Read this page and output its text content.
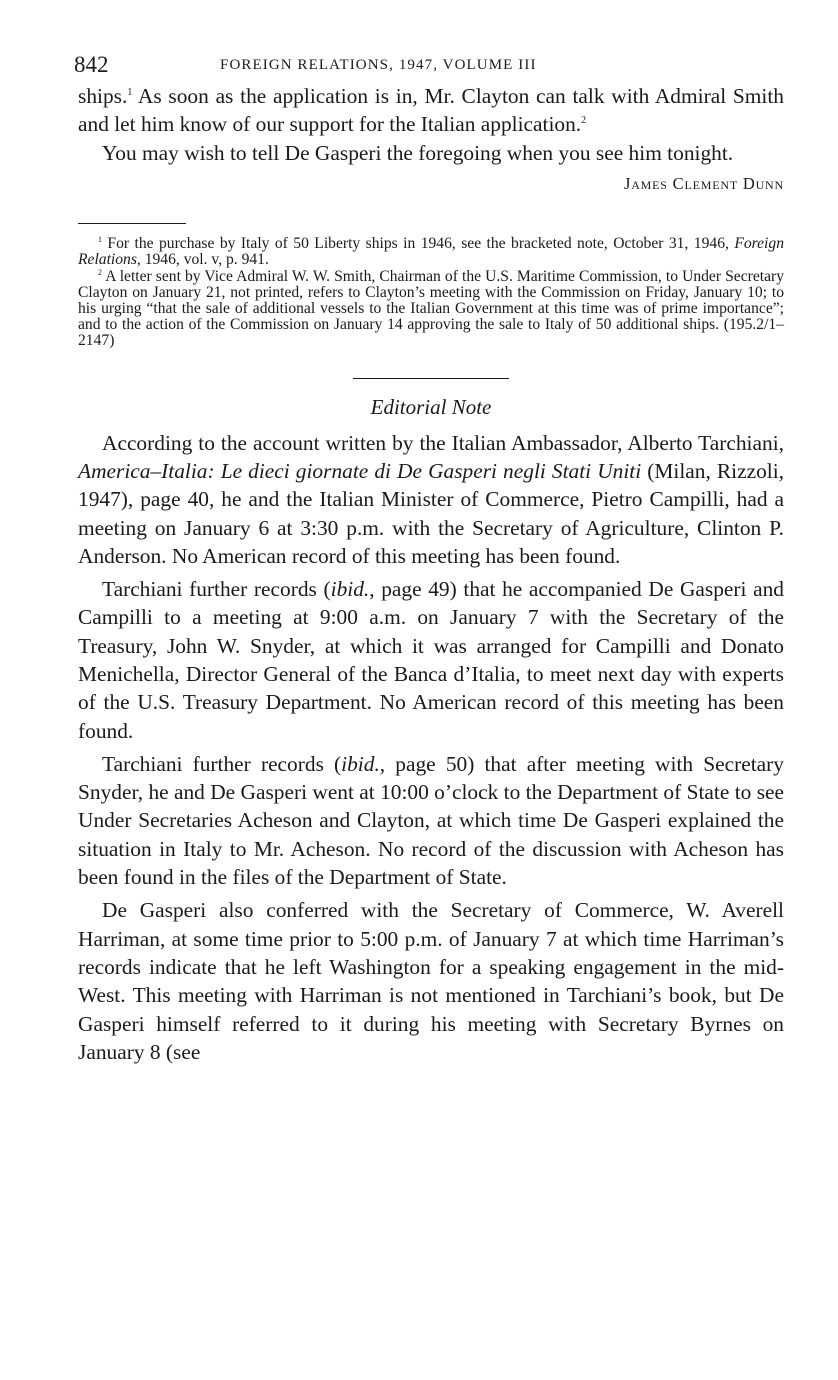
842	FOREIGN RELATIONS, 1947, VOLUME III

ships.$^1$ As soon as the application is in, Mr. Clayton can talk with Admiral Smith and let him know of our support for the Italian application.$^2$

You may wish to tell De Gasperi the foregoing when you see him tonight.

James Clement Dunn

$^1$ For the purchase by Italy of 50 Liberty ships in 1946, see the bracketed note, October 31, 1946, Foreign Relations, 1946, vol. v, p. 941.

$^2$ A letter sent by Vice Admiral W. W. Smith, Chairman of the U.S. Maritime Commission, to Under Secretary Clayton on January 21, not printed, refers to Clayton’s meeting with the Commission on Friday, January 10; to his urging “that the sale of additional vessels to the Italian Government at this time was of prime importance”; and to the action of the Commission on January 14 approving the sale to Italy of 50 additional ships. (195.2/1–2147)

Editorial Note

According to the account written by the Italian Ambassador, Alberto Tarchiani, America–Italia: Le dieci giornate di De Gasperi negli Stati Uniti (Milan, Rizzoli, 1947), page 40, he and the Italian Minister of Commerce, Pietro Campilli, had a meeting on January 6 at 3:30 p.m. with the Secretary of Agriculture, Clinton P. Anderson. No American record of this meeting has been found.

Tarchiani further records (ibid., page 49) that he accompanied De Gasperi and Campilli to a meeting at 9:00 a.m. on January 7 with the Secretary of the Treasury, John W. Snyder, at which it was arranged for Campilli and Donato Menichella, Director General of the Banca d’Italia, to meet next day with experts of the U.S. Treasury Department. No American record of this meeting has been found.

Tarchiani further records (ibid., page 50) that after meeting with Secretary Snyder, he and De Gasperi went at 10:00 o’clock to the Department of State to see Under Secretaries Acheson and Clayton, at which time De Gasperi explained the situation in Italy to Mr. Acheson. No record of the discussion with Acheson has been found in the files of the Department of State.

De Gasperi also conferred with the Secretary of Commerce, W. Averell Harriman, at some time prior to 5:00 p.m. of January 7 at which time Harriman’s records indicate that he left Washington for a speaking engagement in the mid-West. This meeting with Harriman is not mentioned in Tarchiani’s book, but De Gasperi himself referred to it during his meeting with Secretary Byrnes on January 8 (see
